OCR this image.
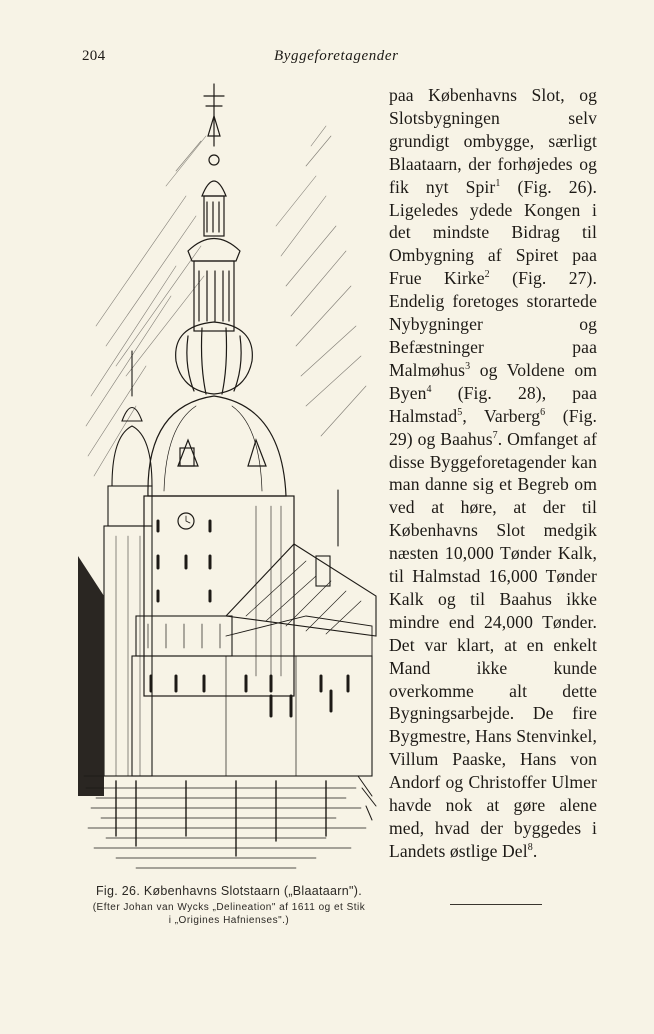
204	Byggeforetagender
Fig. 26. Københavns Slotstaarn („Blaataarn").
(Efter Johan van Wycks „Delineation" af 1611 og et Stik
i „Origines Hafnienses".)

paa Københavns Slot, og Slotsbygningen selv grundigt ombygge, særligt Blaataarn, der forhøjedes og fik nyt Spir$^1$ (Fig. 26). Ligeledes ydede Kongen i det mindste Bidrag til Ombygning af Spiret paa Frue Kirke$^2$ (Fig. 27). Endelig foretoges storartede Nybygninger og Befæstninger paa Malmøhus$^3$ og Voldene om Byen$^4$ (Fig. 28), paa Halmstad$^5$, Varberg$^6$ (Fig. 29) og Baahus$^7$. Omfanget af disse Byggeforetagender kan man danne sig et Begreb om ved at høre, at der til Københavns Slot medgik næsten 10,000 Tønder Kalk, til Halmstad 16,000 Tønder Kalk og til Baahus ikke mindre end 24,000 Tønder. Det var klart, at en enkelt Mand ikke kunde overkomme alt dette Bygningsarbejde. De fire Bygmestre, Hans Stenvinkel, Villum Paaske, Hans von Andorf og Christoffer Ulmer havde nok at gøre alene med, hvad der byggedes i Landets østlige Del$^8$.
